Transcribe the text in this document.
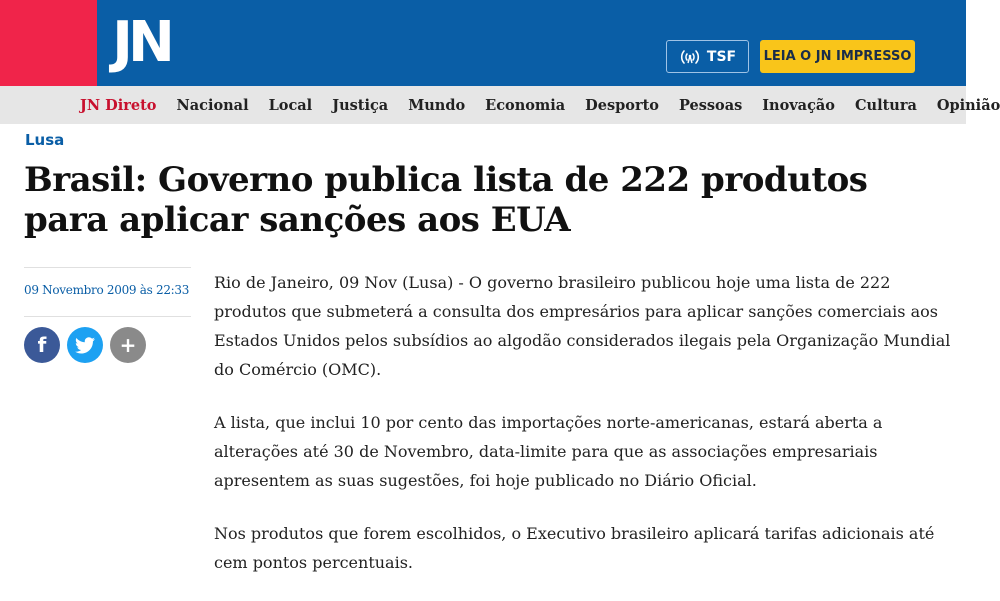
JN	TSF LEIA O JN IMPRESSO
JN Direto Nacional Local Justiça Mundo Economia Desporto Pessoas Inovação Cultura Opinião
Lusa
Brasil: Governo publica lista de 222 produtos para aplicar sanções aos EUA
09 Novembro 2009 às 22:33
f	+

Rio de Janeiro, 09 Nov (Lusa) - O governo brasileiro publicou hoje uma lista de 222 produtos que submeterá a consulta dos empresários para aplicar sanções comerciais aos Estados Unidos pelos subsídios ao algodão considerados ilegais pela Organização Mundial do Comércio (OMC).

A lista, que inclui 10 por cento das importações norte-americanas, estará aberta a alterações até 30 de Novembro, data-limite para que as associações empresariais apresentem as suas sugestões, foi hoje publicado no Diário Oficial.

Nos produtos que forem escolhidos, o Executivo brasileiro aplicará tarifas adicionais até cem pontos percentuais.
